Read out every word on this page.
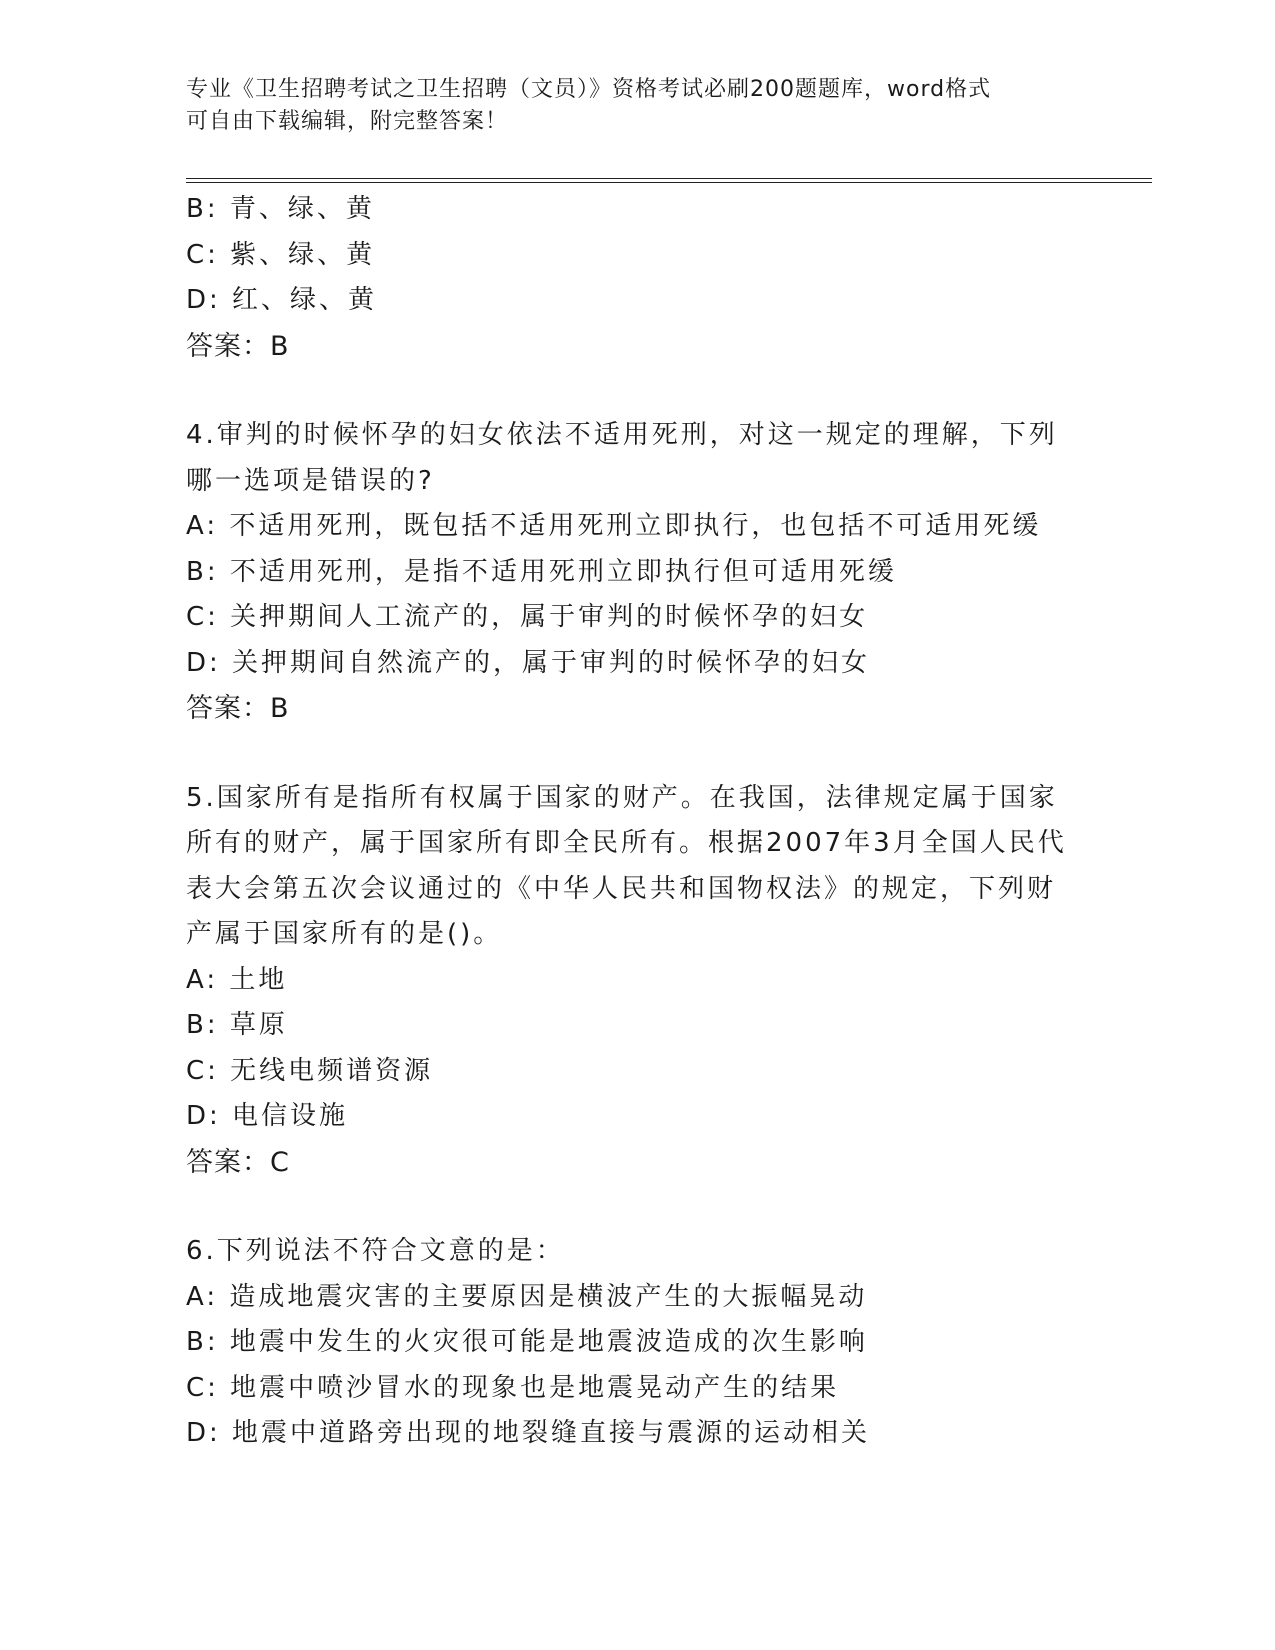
专业《卫生招聘考试之卫生招聘（文员）》资格考试必刷200题题库，word格式
可自由下载编辑，附完整答案！
B: 青、绿、黄
C: 紫、绿、黄
D: 红、绿、黄
答案：B
4.审判的时候怀孕的妇女依法不适用死刑，对这一规定的理解，下列
哪一选项是错误的?
A: 不适用死刑，既包括不适用死刑立即执行，也包括不可适用死缓
B: 不适用死刑，是指不适用死刑立即执行但可适用死缓
C: 关押期间人工流产的，属于审判的时候怀孕的妇女
D: 关押期间自然流产的，属于审判的时候怀孕的妇女
答案：B
5.国家所有是指所有权属于国家的财产。在我国，法律规定属于国家
所有的财产，属于国家所有即全民所有。根据2007年3月全国人民代
表大会第五次会议通过的《中华人民共和国物权法》的规定，下列财
产属于国家所有的是()。
A: 土地
B: 草原
C: 无线电频谱资源
D: 电信设施
答案：C
6.下列说法不符合文意的是：
A: 造成地震灾害的主要原因是横波产生的大振幅晃动
B: 地震中发生的火灾很可能是地震波造成的次生影响
C: 地震中喷沙冒水的现象也是地震晃动产生的结果
D: 地震中道路旁出现的地裂缝直接与震源的运动相关
